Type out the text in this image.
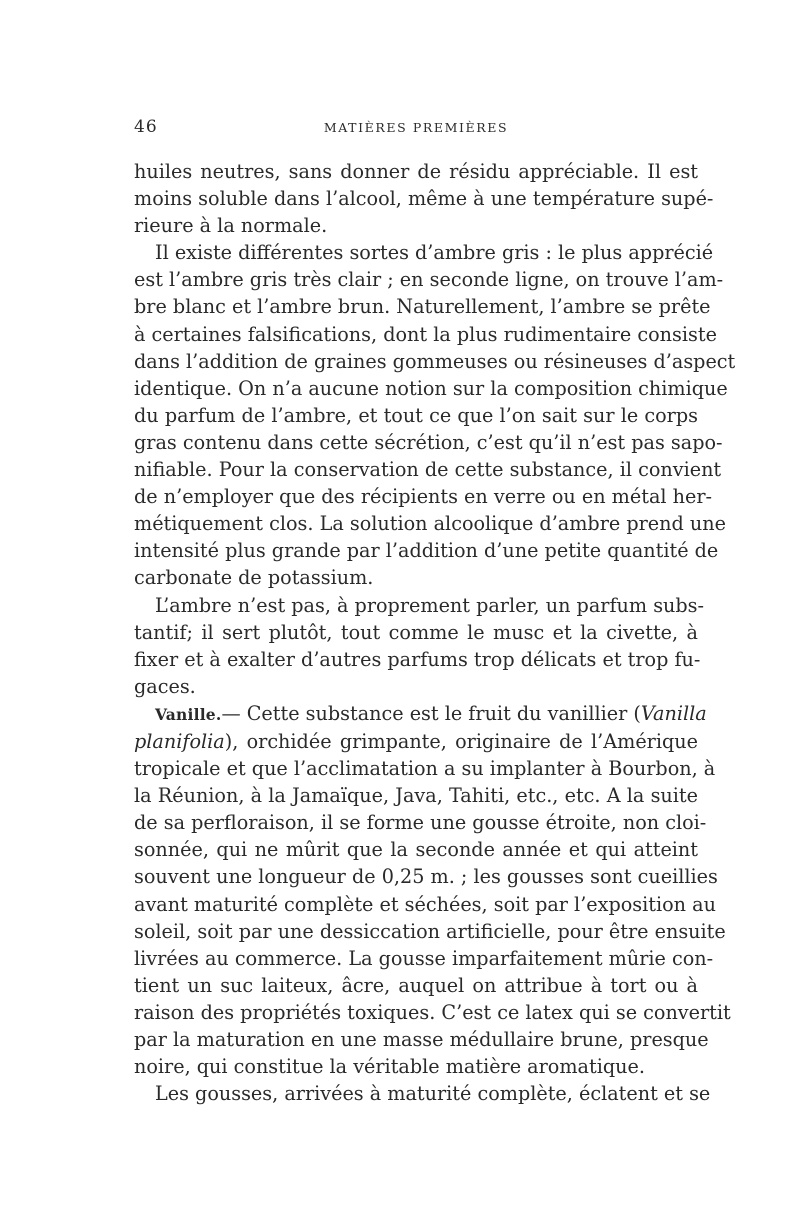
46	MATIÈRES PREMIÈRES
huiles neutres, sans donner de résidu appréciable. Il est
moins soluble dans l’alcool, même à une température supé-
rieure à la normale.
Il existe différentes sortes d’ambre gris : le plus apprécié
est l’ambre gris très clair ; en seconde ligne, on trouve l’am-
bre blanc et l’ambre brun. Naturellement, l’ambre se prête
à certaines falsifications, dont la plus rudimentaire consiste
dans l’addition de graines gommeuses ou résineuses d’aspect
identique. On n’a aucune notion sur la composition chimique
du parfum de l’ambre, et tout ce que l’on sait sur le corps
gras contenu dans cette sécrétion, c’est qu’il n’est pas sapo-
nifiable. Pour la conservation de cette substance, il convient
de n’employer que des récipients en verre ou en métal her-
métiquement clos. La solution alcoolique d’ambre prend une
intensité plus grande par l’addition d’une petite quantité de
carbonate de potassium.
L’ambre n’est pas, à proprement parler, un parfum subs-
tantif; il sert plutôt, tout comme le musc et la civette, à
fixer et à exalter d’autres parfums trop délicats et trop fu-
gaces.
Vanille.— Cette substance est le fruit du vanillier (Vanilla
planifolia), orchidée grimpante, originaire de l’Amérique
tropicale et que l’acclimatation a su implanter à Bourbon, à
la Réunion, à la Jamaïque, Java, Tahiti, etc., etc. A la suite
de sa perfloraison, il se forme une gousse étroite, non cloi-
sonnée, qui ne mûrit que la seconde année et qui atteint
souvent une longueur de 0,25 m. ; les gousses sont cueillies
avant maturité complète et séchées, soit par l’exposition au
soleil, soit par une dessiccation artificielle, pour être ensuite
livrées au commerce. La gousse imparfaitement mûrie con-
tient un suc laiteux, âcre, auquel on attribue à tort ou à
raison des propriétés toxiques. C’est ce latex qui se convertit
par la maturation en une masse médullaire brune, presque
noire, qui constitue la véritable matière aromatique.
Les gousses, arrivées à maturité complète, éclatent et se
